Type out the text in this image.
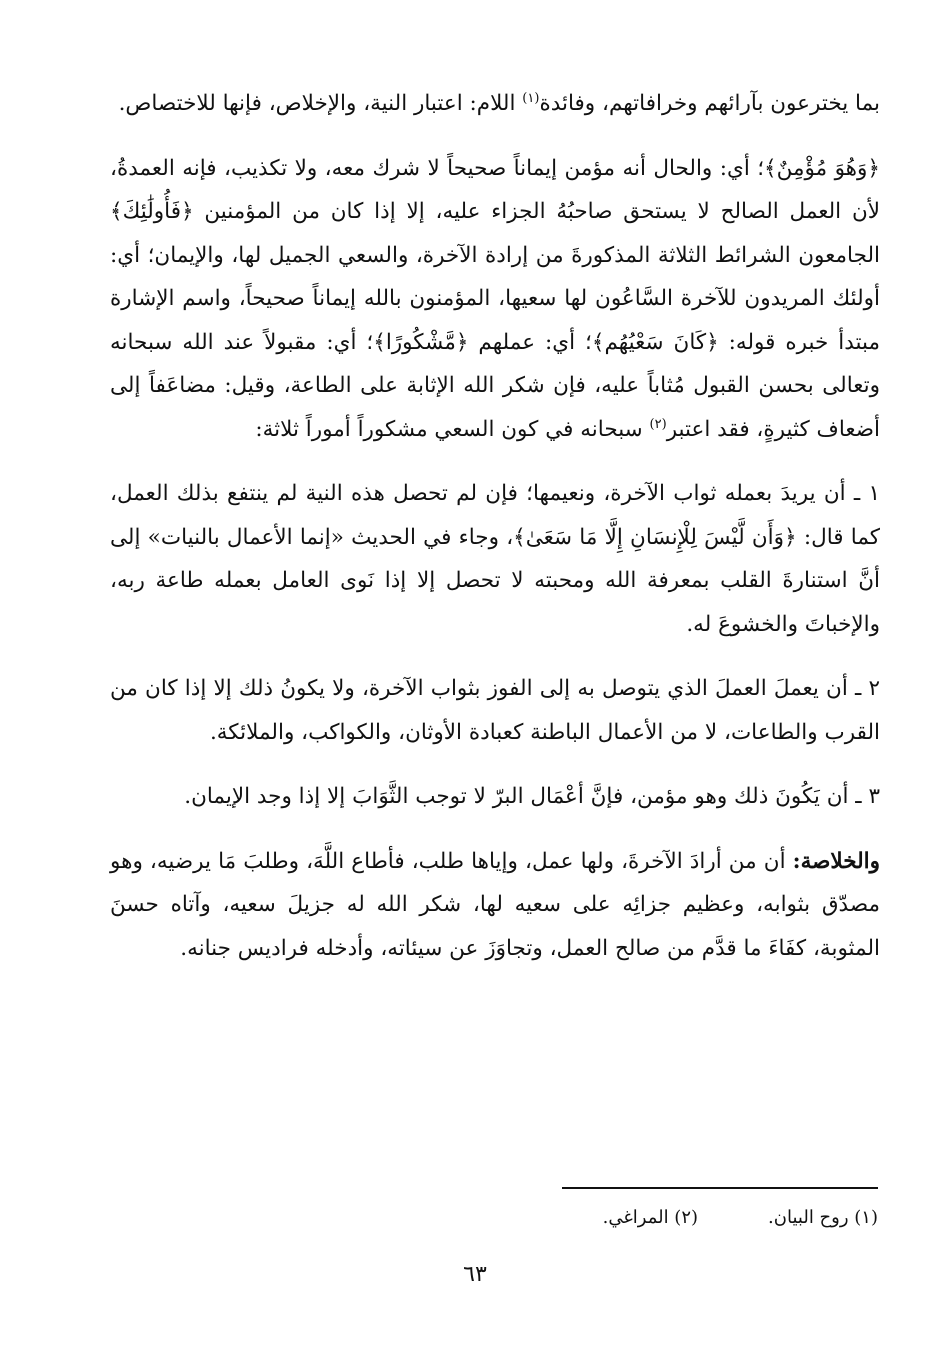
بما يخترعون بآرائهم وخرافاتهم، وفائدة$^{(١)}$ اللام: اعتبار النية، والإخلاص، فإنها للاختصاص.

﴿وَهُوَ مُؤْمِنٌ﴾؛ أي: والحال أنه مؤمن إيماناً صحيحاً لا شرك معه، ولا تكذيب، فإنه العمدةُ، لأن العمل الصالح لا يستحق صاحبُهُ الجزاء عليه، إلا إذا كان من المؤمنين ﴿فَأُولَٰئِكَ﴾ الجامعون الشرائط الثلاثة المذكورةَ من إرادة الآخرة، والسعي الجميل لها، والإيمان؛ أي: أولئك المريدون للآخرة السَّاعُون لها سعيها، المؤمنون بالله إيماناً صحيحاً، واسم الإشارة مبتدأ خبره قوله: ﴿كَانَ سَعْيُهُم﴾؛ أي: عملهم ﴿مَّشْكُورًا﴾؛ أي: مقبولاً عند الله سبحانه وتعالى بحسن القبول مُثاباً عليه، فإن شكر الله الإثابة على الطاعة، وقيل: مضاعَفاً إلى أضعاف كثيرةٍ، فقد اعتبر$^{(٢)}$ سبحانه في كون السعي مشكوراً أموراً ثلاثة:

١ ـ أن يريدَ بعمله ثواب الآخرة، ونعيمها؛ فإن لم تحصل هذه النية لم ينتفع بذلك العمل، كما قال: ﴿وَأَن لَّيْسَ لِلْإِنسَانِ إِلَّا مَا سَعَىٰ﴾، وجاء في الحديث «إنما الأعمال بالنيات» إلى أنَّ استنارةَ القلب بمعرفة الله ومحبته لا تحصل إلا إذا نَوى العامل بعمله طاعة ربه، والإخباتَ والخشوعَ له.

٢ ـ أن يعملَ العملَ الذي يتوصل به إلى الفوز بثواب الآخرة، ولا يكونُ ذلك إلا إذا كان من القرب والطاعات، لا من الأعمال الباطنة كعبادة الأوثان، والكواكب، والملائكة.

٣ ـ أن يَكُونَ ذلك وهو مؤمن، فإنَّ أعْمَال البرّ لا توجب الثَّوَابَ إلا إذا وجد الإيمان.

والخلاصة: أن من أرادَ الآخرةَ، ولها عمل، وإياها طلب، فأطاع اللَّهَ، وطلبَ مَا يرضيه، وهو مصدّق بثوابه، وعظيم جزائِه على سعيه لها، شكر الله له جزيلَ سعيه، وآتاه حسنَ المثوبة، كفَاءَ ما قدَّم من صالح العمل، وتجاوَزَ عن سيئاته، وأدخله فراديس جنانه.

(١) روح البيان.
(٢) المراغي.
٦٣
